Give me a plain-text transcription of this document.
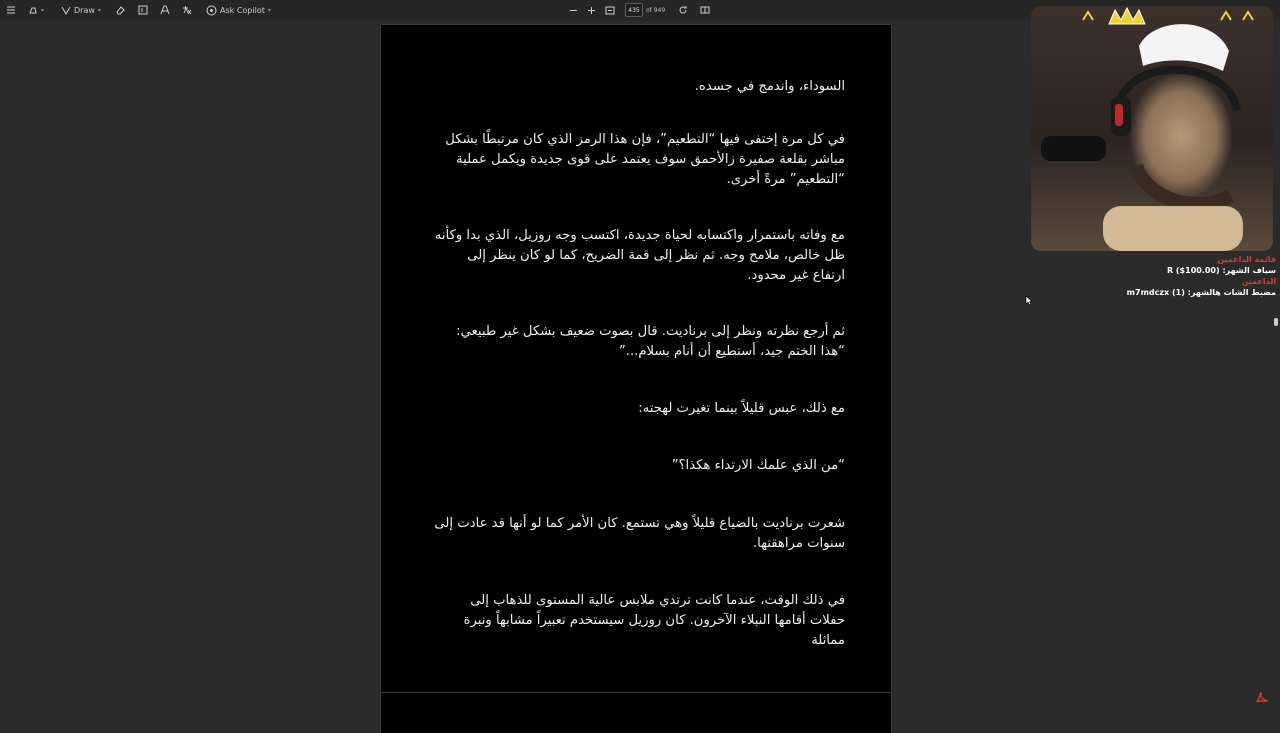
▾	Draw ▾	Ask Copilot ▾	435	of 949

السوداء، واندمج في جسده.

في كل مرة إختفى فيها “التطعيم”، فإن هذا الرمز الذي كان مرتبطًا بشكل مباشر بقلعة صفيرة زالأحمق سوف يعتمد على قوى جديدة ويكمل عملية “التطعيم” مرةً أخرى.

مع وفاته باستمرار واكتسابه لحياة جديدة، اكتسب وجه روزيل، الذي بدا وكأنه ظل خالص، ملامح وجه. ثم نظر إلى قمة الضريح، كما لو كان ينظر إلى ارتفاع غير محدود.

ثم أرجع نظرته ونظر إلى برناديت. قال بصوت ضعيف بشكل غير طبيعي: “هذا الختم جيد، أستطيع أن أنام بسلام...”

مع ذلك، عبس قليلاً بينما تغيرت لهجته:

“من الذي علمك الارتداء هكذا؟”

شعرت برناديت بالضياع قليلاً وهي تستمع. كان الأمر كما لو أنها قد عادت إلى سنوات مراهقتها.

في ذلك الوقت، عندما كانت ترتدي ملابس عالية المستوى للذهاب إلى حفلات أقامها النبلاء الآخرون. كان روزيل سيستخدم تعبيراً مشابهاً ونبرة مماثلة

قائمة الداعمين
سياف الشهر: (100.00$) R
الداعمين
مضبط الشات هالشهر: (1) m7mdczx
